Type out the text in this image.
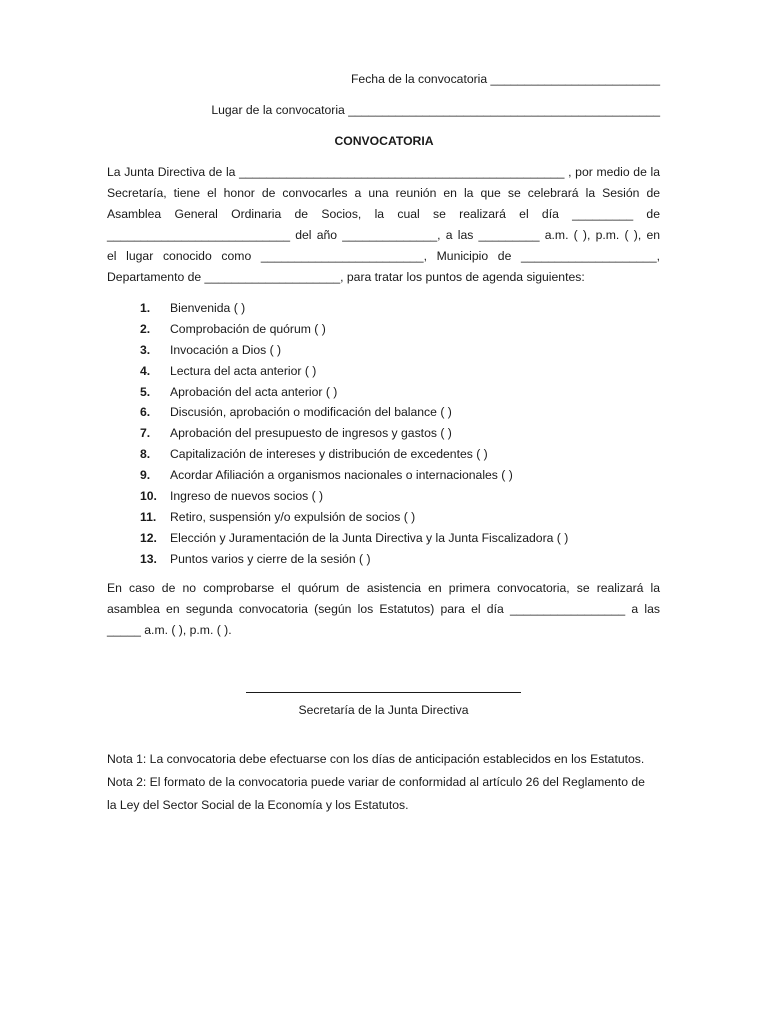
Fecha de la convocatoria _________________________
Lugar de la convocatoria ______________________________________________
CONVOCATORIA
La Junta Directiva de la ________________________________________________ , por medio de la
Secretaría, tiene el honor de convocarles a una reunión en la que se celebrará la Sesión de
Asamblea General Ordinaria de Socios, la cual se realizará el día _________ de
___________________________ del año ______________, a las _________ a.m. ( ), p.m. ( ), en
el lugar conocido como ________________________, Municipio de ____________________,
Departamento de ____________________, para tratar los puntos de agenda siguientes:
1. Bienvenida ( )
2. Comprobación de quórum ( )
3. Invocación a Dios ( )
4. Lectura del acta anterior ( )
5. Aprobación del acta anterior ( )
6. Discusión, aprobación o modificación del balance ( )
7. Aprobación del presupuesto de ingresos y gastos ( )
8. Capitalización de intereses y distribución de excedentes ( )
9. Acordar Afiliación a organismos nacionales o internacionales ( )
10. Ingreso de nuevos socios ( )
11. Retiro, suspensión y/o expulsión de socios ( )
12. Elección y Juramentación de la Junta Directiva y la Junta Fiscalizadora ( )
13. Puntos varios y cierre de la sesión ( )
En caso de no comprobarse el quórum de asistencia en primera convocatoria, se realizará la
asamblea en segunda convocatoria (según los Estatutos) para el día _________________ a las
_____ a.m. ( ), p.m. ( ).
Secretaría de la Junta Directiva
Nota 1: La convocatoria debe efectuarse con los días de anticipación establecidos en los Estatutos.
Nota 2: El formato de la convocatoria puede variar de conformidad al artículo 26 del Reglamento de
la Ley del Sector Social de la Economía y los Estatutos.
